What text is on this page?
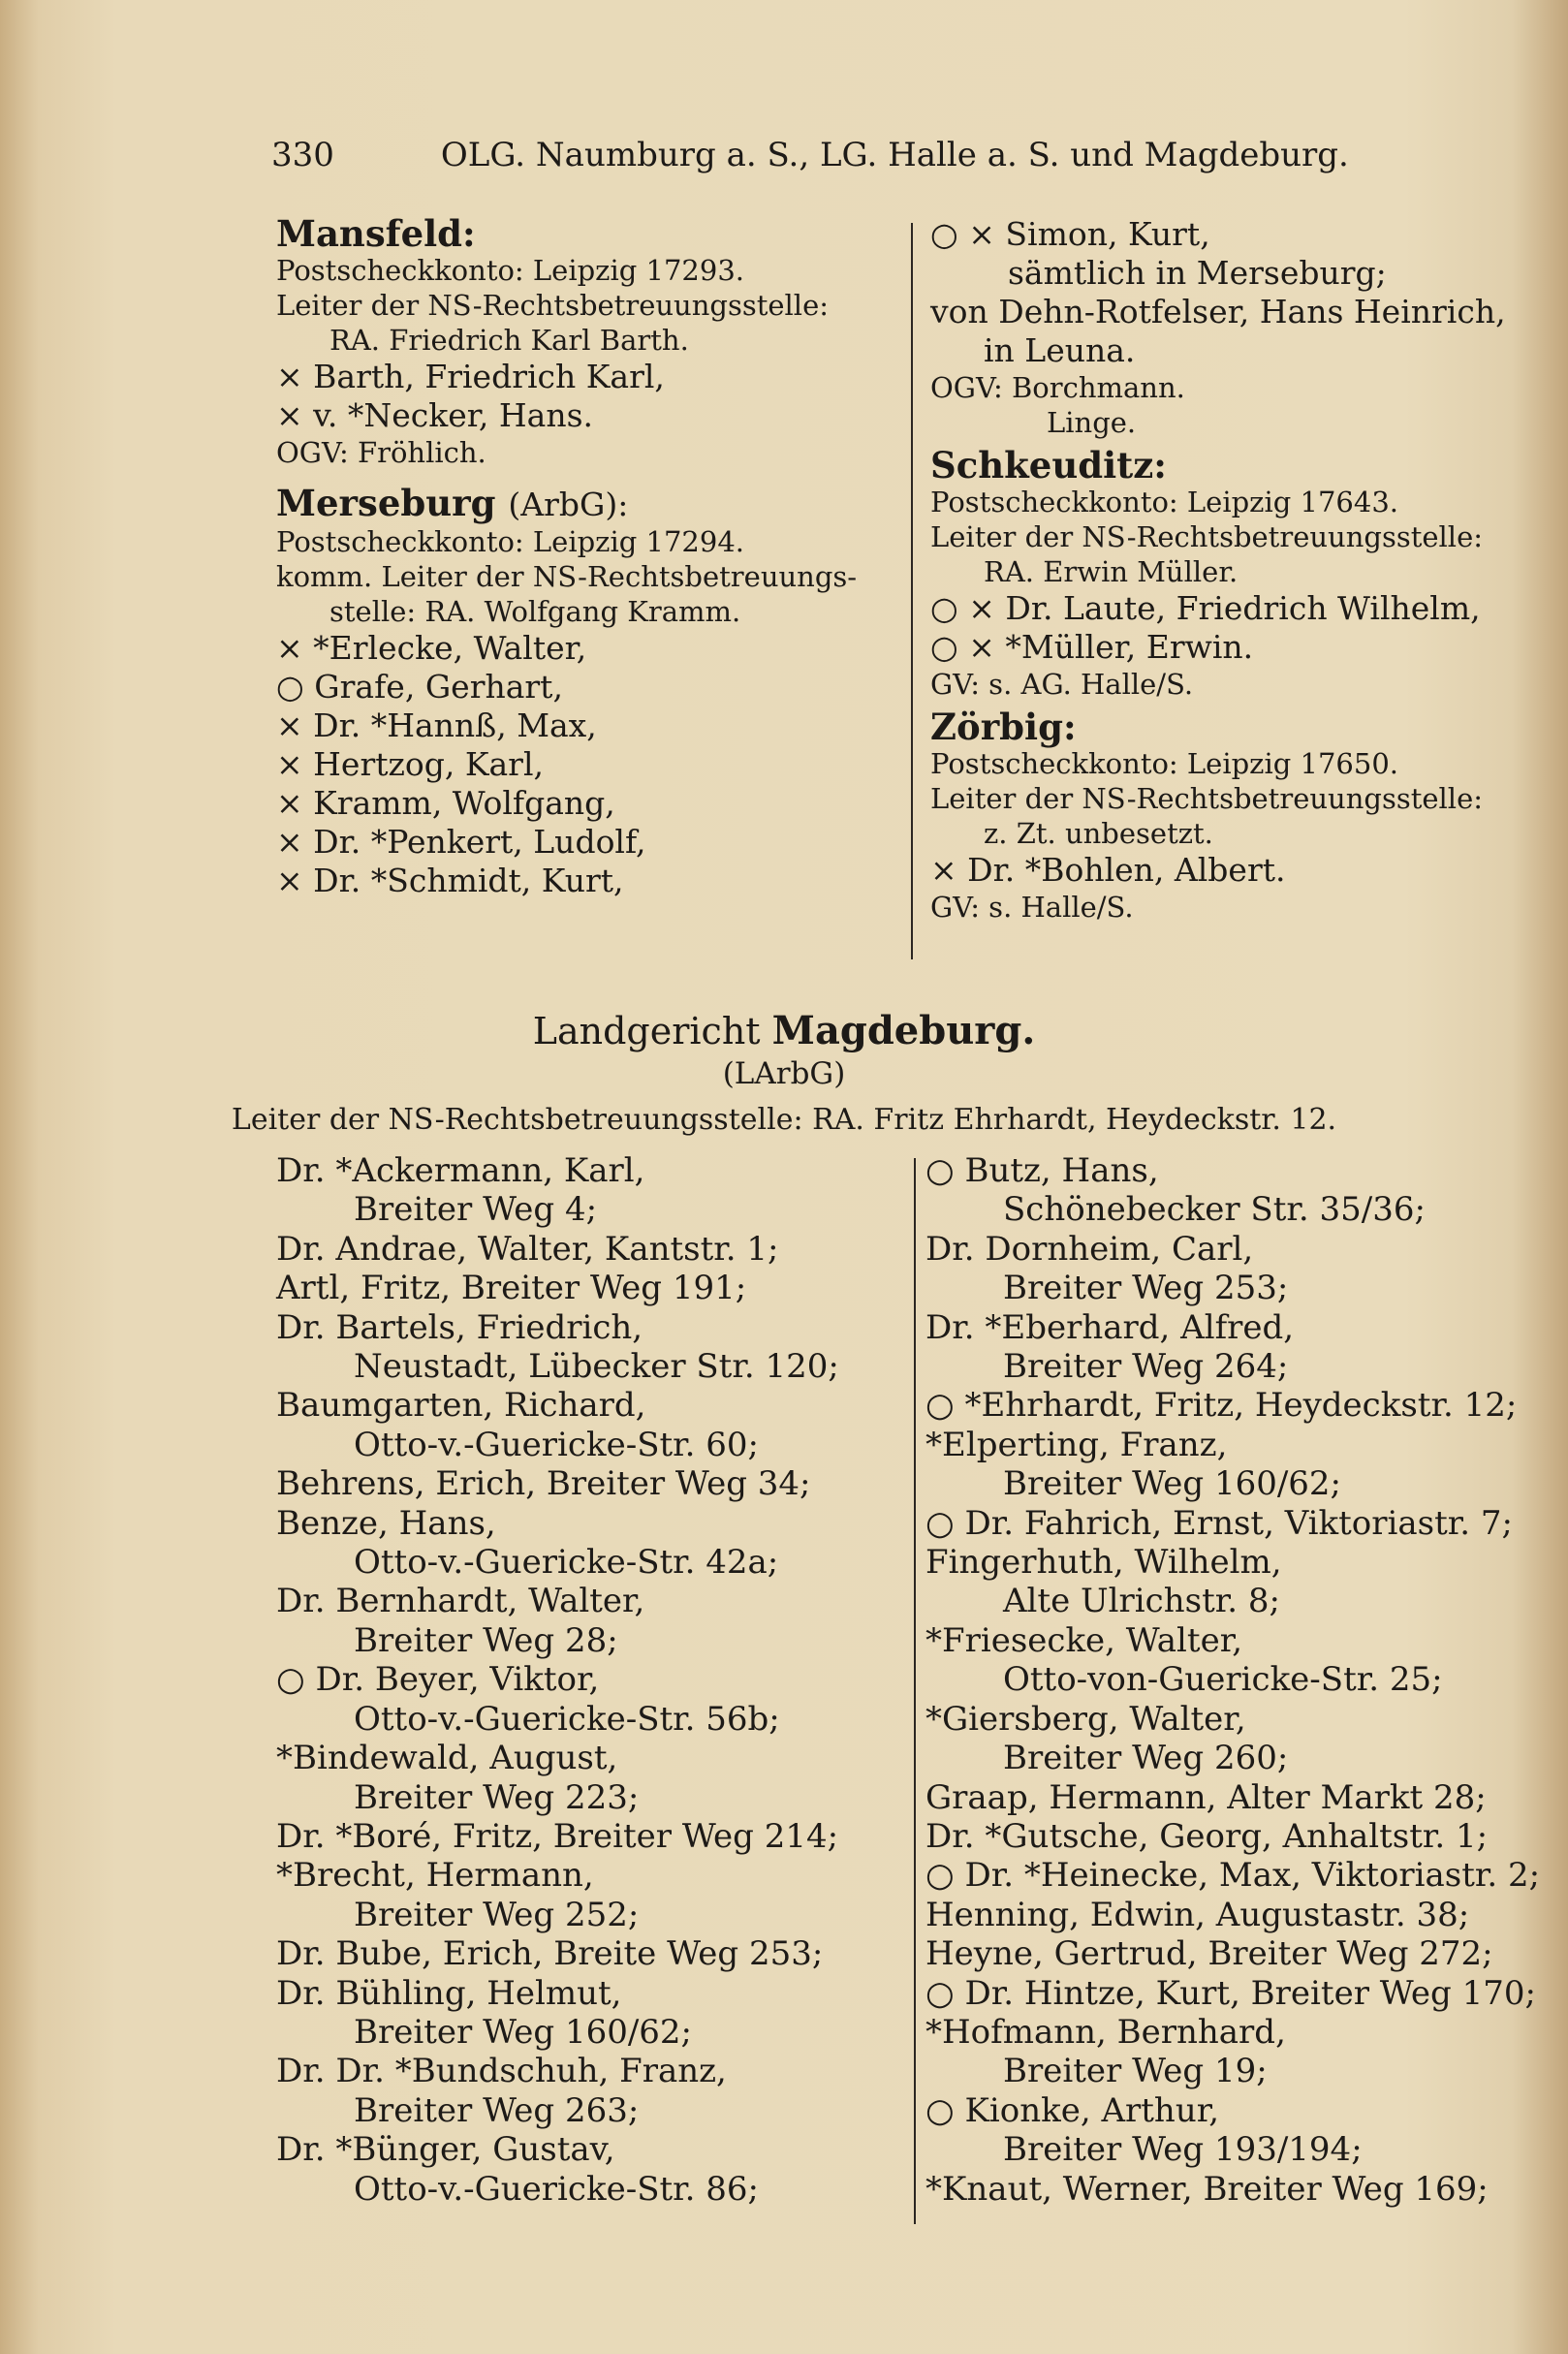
330	OLG. Naumburg a. S., LG. Halle a. S. und Magdeburg.
Mansfeld:
Postscheckkonto: Leipzig 17293.
Leiter der NS-Rechtsbetreuungsstelle:
RA. Friedrich Karl Barth.
× Barth, Friedrich Karl,
× v. *Necker, Hans.
OGV: Fröhlich.
Merseburg (ArbG):
Postscheckkonto: Leipzig 17294.
komm. Leiter der NS-Rechtsbetreuungs-
stelle: RA. Wolfgang Kramm.
× *Erlecke, Walter,
○ Grafe, Gerhart,
× Dr. *Hannß, Max,
× Hertzog, Karl,
× Kramm, Wolfgang,
× Dr. *Penkert, Ludolf,
× Dr. *Schmidt, Kurt,
○ × Simon, Kurt,
sämtlich in Merseburg;
von Dehn-Rotfelser, Hans Heinrich,
in Leuna.
OGV: Borchmann.
Linge.
Schkeuditz:
Postscheckkonto: Leipzig 17643.
Leiter der NS-Rechtsbetreuungsstelle:
RA. Erwin Müller.
○ × Dr. Laute, Friedrich Wilhelm,
○ × *Müller, Erwin.
GV: s. AG. Halle/S.
Zörbig:
Postscheckkonto: Leipzig 17650.
Leiter der NS-Rechtsbetreuungsstelle:
z. Zt. unbesetzt.
× Dr. *Bohlen, Albert.
GV: s. Halle/S.
Landgericht Magdeburg.
(LArbG)
Leiter der NS-Rechtsbetreuungsstelle: RA. Fritz Ehrhardt, Heydeckstr. 12.
Dr. *Ackermann, Karl,
Breiter Weg 4;
Dr. Andrae, Walter, Kantstr. 1;
Artl, Fritz, Breiter Weg 191;
Dr. Bartels, Friedrich,
Neustadt, Lübecker Str. 120;
Baumgarten, Richard,
Otto-v.-Guericke-Str. 60;
Behrens, Erich, Breiter Weg 34;
Benze, Hans,
Otto-v.-Guericke-Str. 42a;
Dr. Bernhardt, Walter,
Breiter Weg 28;
○ Dr. Beyer, Viktor,
Otto-v.-Guericke-Str. 56b;
*Bindewald, August,
Breiter Weg 223;
Dr. *Boré, Fritz, Breiter Weg 214;
*Brecht, Hermann,
Breiter Weg 252;
Dr. Bube, Erich, Breite Weg 253;
Dr. Bühling, Helmut,
Breiter Weg 160/62;
Dr. Dr. *Bundschuh, Franz,
Breiter Weg 263;
Dr. *Bünger, Gustav,
Otto-v.-Guericke-Str. 86;
○ Butz, Hans,
Schönebecker Str. 35/36;
Dr. Dornheim, Carl,
Breiter Weg 253;
Dr. *Eberhard, Alfred,
Breiter Weg 264;
○ *Ehrhardt, Fritz, Heydeckstr. 12;
*Elperting, Franz,
Breiter Weg 160/62;
○ Dr. Fahrich, Ernst, Viktoriastr. 7;
Fingerhuth, Wilhelm,
Alte Ulrichstr. 8;
*Friesecke, Walter,
Otto-von-Guericke-Str. 25;
*Giersberg, Walter,
Breiter Weg 260;
Graap, Hermann, Alter Markt 28;
Dr. *Gutsche, Georg, Anhaltstr. 1;
○ Dr. *Heinecke, Max, Viktoriastr. 2;
Henning, Edwin, Augustastr. 38;
Heyne, Gertrud, Breiter Weg 272;
○ Dr. Hintze, Kurt, Breiter Weg 170;
*Hofmann, Bernhard,
Breiter Weg 19;
○ Kionke, Arthur,
Breiter Weg 193/194;
*Knaut, Werner, Breiter Weg 169;
